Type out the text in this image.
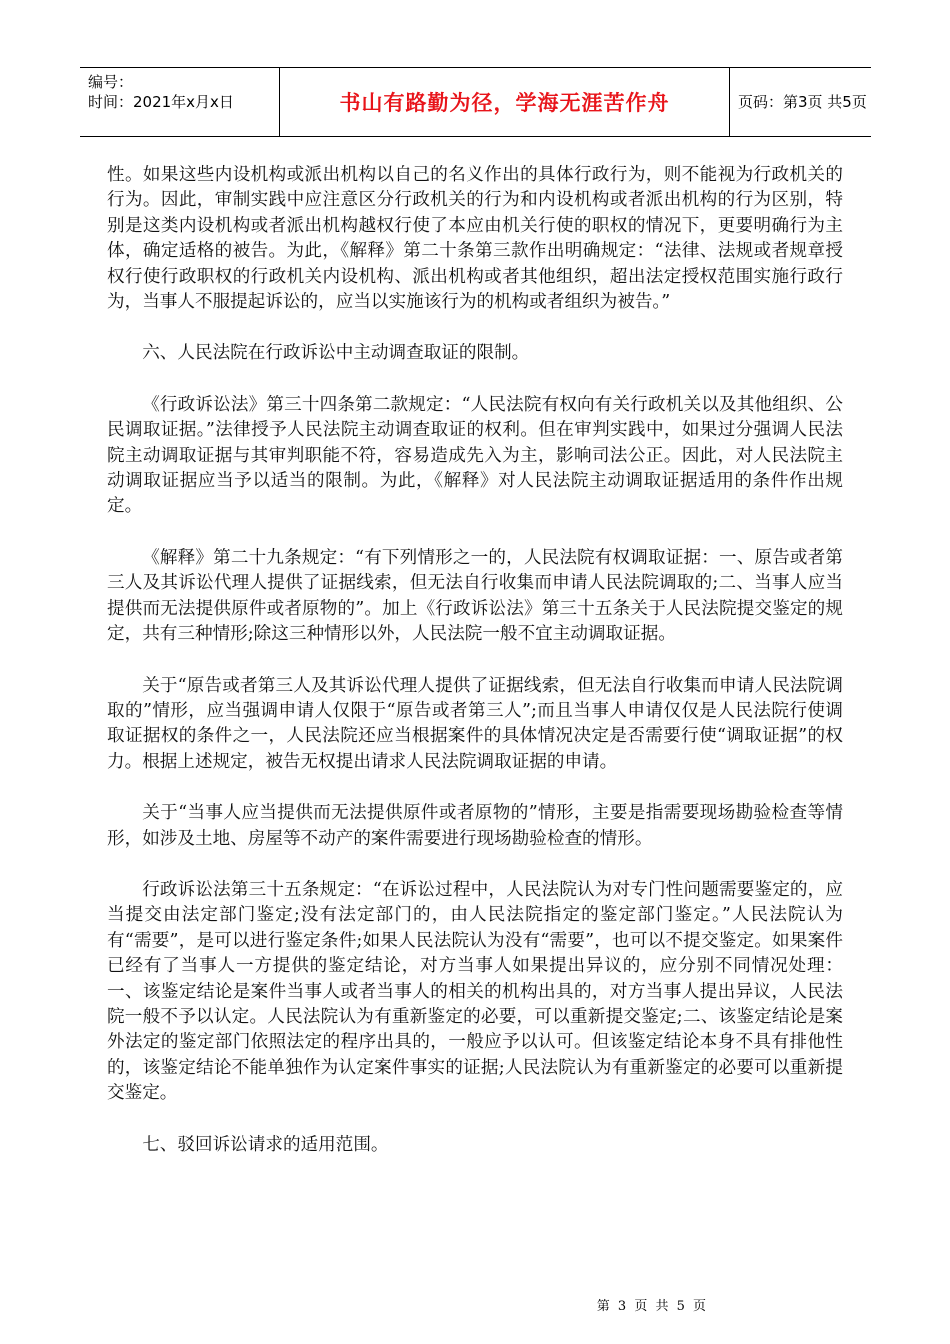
编号：
时间：2021年x月x日	书山有路勤为径，学海无涯苦作舟	页码：第3页 共5页

性。如果这些内设机构或派出机构以自己的名义作出的具体行政行为，则不能视为行政机关的行为。因此，审制实践中应注意区分行政机关的行为和内设机构或者派出机构的行为区别，特别是这类内设机构或者派出机构越权行使了本应由机关行使的职权的情况下，更要明确行为主体，确定适格的被告。为此，《解释》第二十条第三款作出明确规定：“法律、法规或者规章授权行使行政职权的行政机关内设机构、派出机构或者其他组织，超出法定授权范围实施行政行为，当事人不服提起诉讼的，应当以实施该行为的机构或者组织为被告。”

六、人民法院在行政诉讼中主动调查取证的限制。

《行政诉讼法》第三十四条第二款规定：“人民法院有权向有关行政机关以及其他组织、公民调取证据。”法律授予人民法院主动调查取证的权利。但在审判实践中，如果过分强调人民法院主动调取证据与其审判职能不符，容易造成先入为主，影响司法公正。因此，对人民法院主动调取证据应当予以适当的限制。为此，《解释》对人民法院主动调取证据适用的条件作出规定。

《解释》第二十九条规定：“有下列情形之一的，人民法院有权调取证据：一、原告或者第三人及其诉讼代理人提供了证据线索，但无法自行收集而申请人民法院调取的;二、当事人应当提供而无法提供原件或者原物的”。加上《行政诉讼法》第三十五条关于人民法院提交鉴定的规定，共有三种情形;除这三种情形以外，人民法院一般不宜主动调取证据。

关于“原告或者第三人及其诉讼代理人提供了证据线索，但无法自行收集而申请人民法院调取的”情形，应当强调申请人仅限于“原告或者第三人”;而且当事人申请仅仅是人民法院行使调取证据权的条件之一，人民法院还应当根据案件的具体情况决定是否需要行使“调取证据”的权力。根据上述规定，被告无权提出请求人民法院调取证据的申请。

关于“当事人应当提供而无法提供原件或者原物的”情形，主要是指需要现场勘验检查等情形，如涉及土地、房屋等不动产的案件需要进行现场勘验检查的情形。

行政诉讼法第三十五条规定：“在诉讼过程中，人民法院认为对专门性问题需要鉴定的，应当提交由法定部门鉴定;没有法定部门的，由人民法院指定的鉴定部门鉴定。”人民法院认为有“需要”，是可以进行鉴定条件;如果人民法院认为没有“需要”，也可以不提交鉴定。如果案件已经有了当事人一方提供的鉴定结论，对方当事人如果提出异议的，应分别不同情况处理：一、该鉴定结论是案件当事人或者当事人的相关的机构出具的，对方当事人提出异议，人民法院一般不予以认定。人民法院认为有重新鉴定的必要，可以重新提交鉴定;二、该鉴定结论是案外法定的鉴定部门依照法定的程序出具的，一般应予以认可。但该鉴定结论本身不具有排他性的，该鉴定结论不能单独作为认定案件事实的证据;人民法院认为有重新鉴定的必要可以重新提交鉴定。

七、驳回诉讼请求的适用范围。

第 3 页 共 5 页
